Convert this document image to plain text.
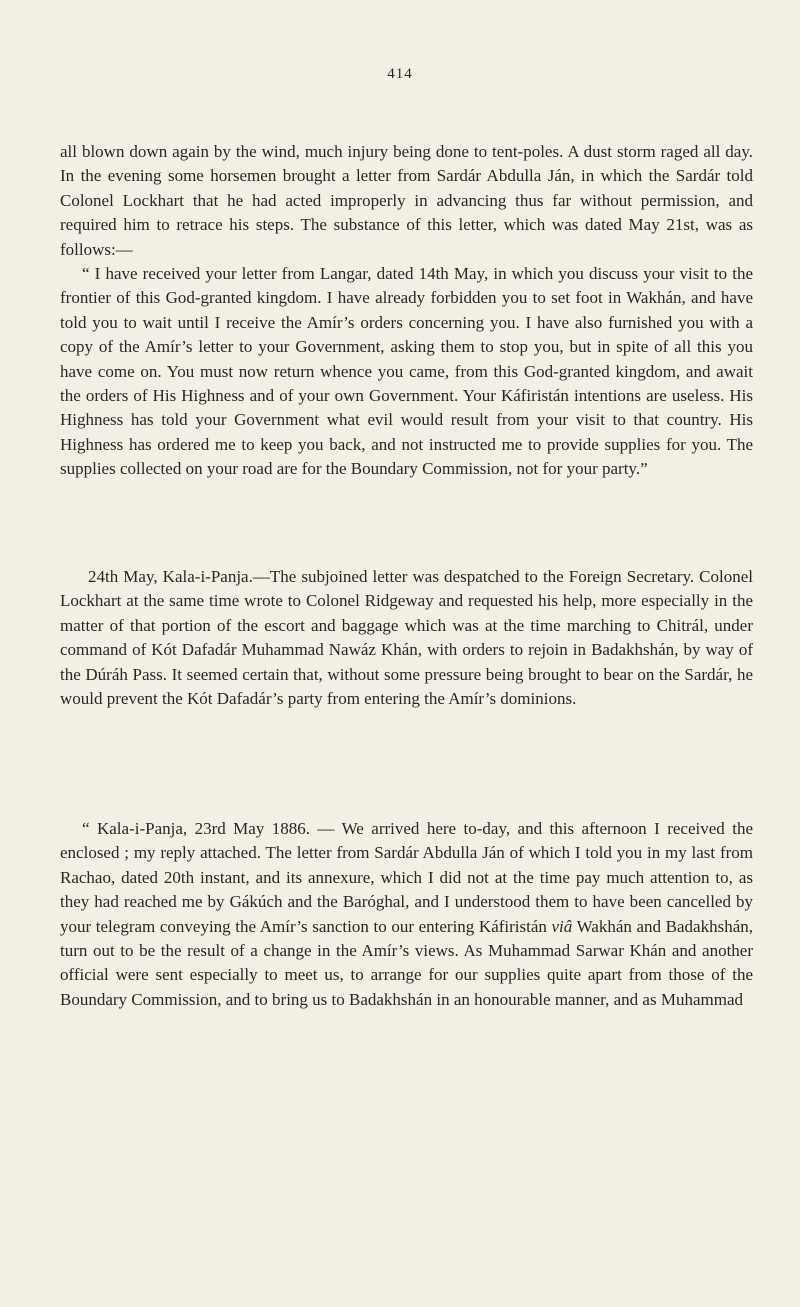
414

all blown down again by the wind, much injury being done to tent-poles. A dust storm raged all day. In the evening some horsemen brought a letter from Sardár Abdulla Ján, in which the Sardár told Colonel Lockhart that he had acted improperly in advancing thus far without permission, and required him to retrace his steps. The substance of this letter, which was dated May 21st, was as follows:—

“ I have received your letter from Langar, dated 14th May, in which you discuss your visit to the frontier of this God-granted kingdom. I have already forbidden you to set foot in Wakhán, and have told you to wait until I receive the Amír’s orders concerning you. I have also furnished you with a copy of the Amír’s letter to your Government, asking them to stop you, but in spite of all this you have come on. You must now return whence you came, from this God-granted kingdom, and await the orders of His Highness and of your own Government. Your Káfiristán intentions are useless. His Highness has told your Government what evil would result from your visit to that country. His Highness has ordered me to keep you back, and not instructed me to provide supplies for you. The supplies collected on your road are for the Boundary Commission, not for your party.”

24th May, Kala-i-Panja.—The subjoined letter was despatched to the Foreign Secretary. Colonel Lockhart at the same time wrote to Colonel Ridgeway and requested his help, more especially in the matter of that portion of the escort and baggage which was at the time marching to Chitrál, under command of Kót Dafadár Muhammad Nawáz Khán, with orders to rejoin in Badakhshán, by way of the Dúráh Pass. It seemed certain that, without some pressure being brought to bear on the Sardár, he would prevent the Kót Dafadár’s party from entering the Amír’s dominions.

“ Kala-i-Panja, 23rd May 1886. — We arrived here to-day, and this afternoon I received the enclosed ; my reply attached. The letter from Sardár Abdulla Ján of which I told you in my last from Rachao, dated 20th instant, and its annexure, which I did not at the time pay much attention to, as they had reached me by Gákúch and the Baróghal, and I understood them to have been cancelled by your telegram conveying the Amír’s sanction to our entering Káfiristán viâ Wakhán and Badakhshán, turn out to be the result of a change in the Amír’s views. As Muhammad Sarwar Khán and another official were sent especially to meet us, to arrange for our supplies quite apart from those of the Boundary Commission, and to bring us to Badakhshán in an honourable manner, and as Muhammad
